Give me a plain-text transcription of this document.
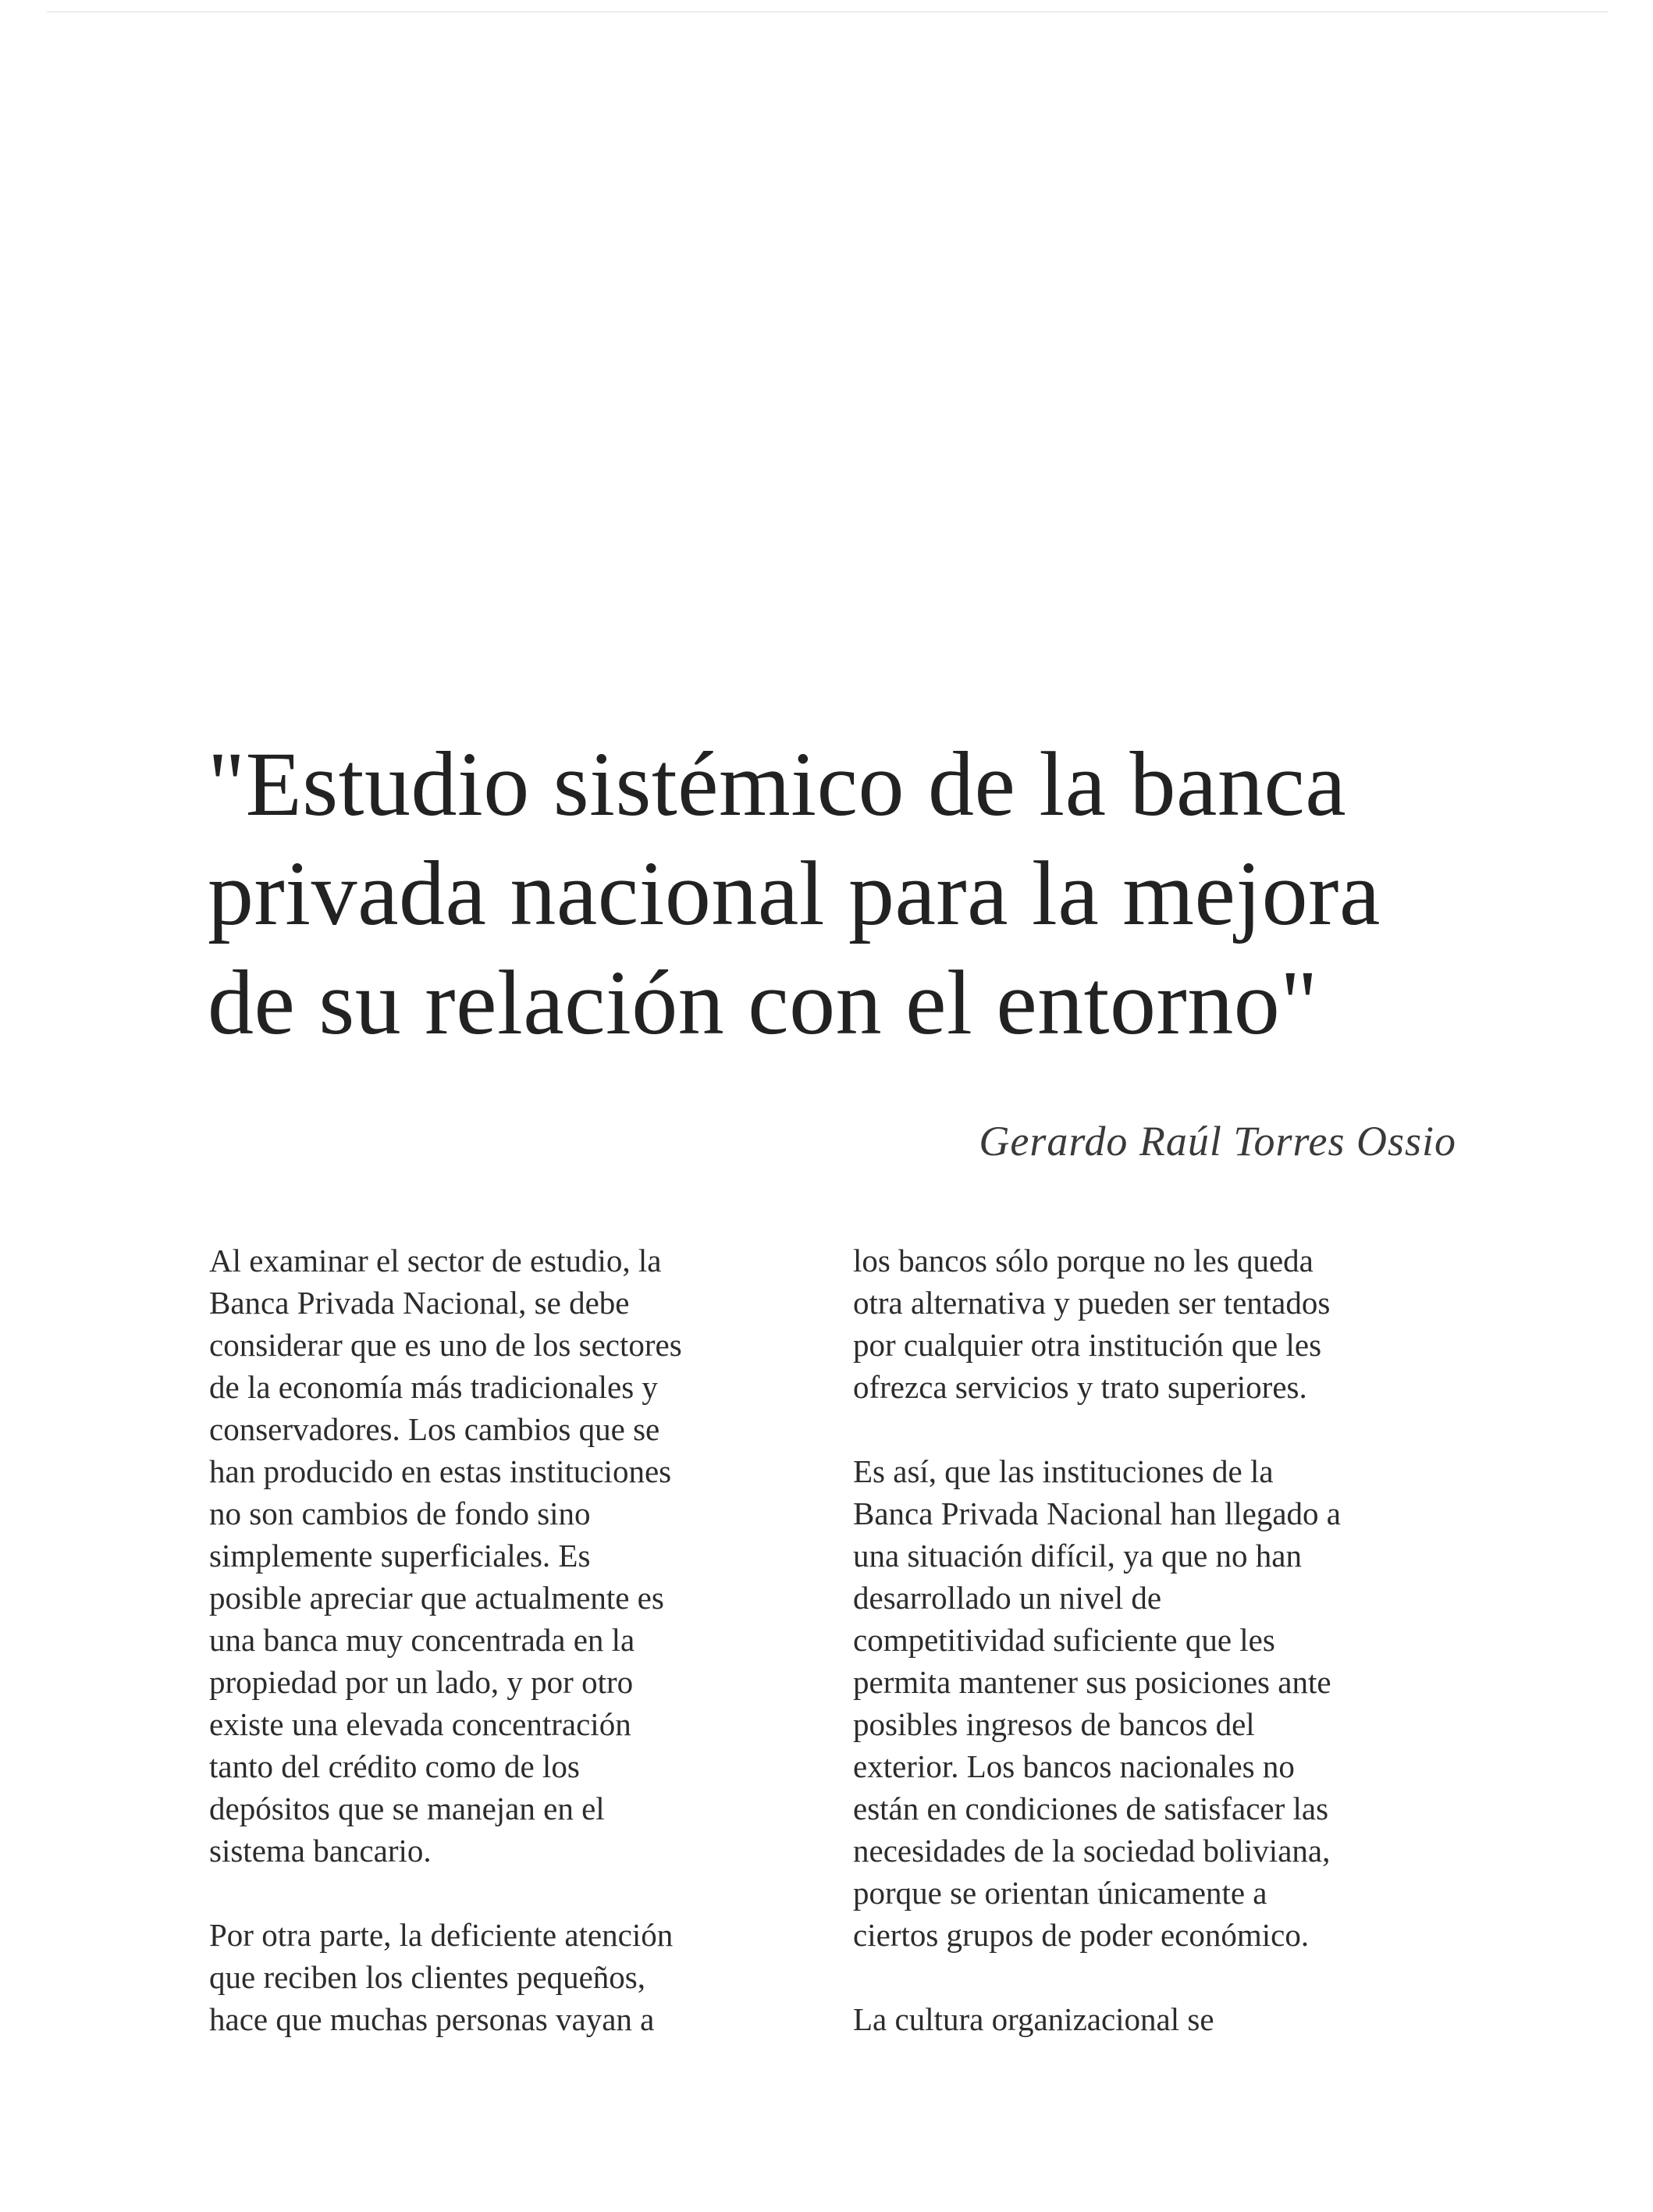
"Estudio sistémico de la banca
privada nacional para la mejora
de su relación con el entorno"

Gerardo Raúl Torres Ossio

Al examinar el sector de estudio, la
Banca Privada Nacional, se debe
considerar que es uno de los sectores
de la economía más tradicionales y
conservadores. Los cambios que se
han producido en estas instituciones
no son cambios de fondo sino
simplemente superficiales. Es
posible apreciar que actualmente es
una banca muy concentrada en la
propiedad por un lado, y por otro
existe una elevada concentración
tanto del crédito como de los
depósitos que se manejan en el
sistema bancario.

Por otra parte, la deficiente atención
que reciben los clientes pequeños,
hace que muchas personas vayan a

los bancos sólo porque no les queda
otra alternativa y pueden ser tentados
por cualquier otra institución que les
ofrezca servicios y trato superiores.

Es así, que las instituciones de la
Banca Privada Nacional han llegado a
una situación difícil, ya que no han
desarrollado un nivel de
competitividad suficiente que les
permita mantener sus posiciones ante
posibles ingresos de bancos del
exterior. Los bancos nacionales no
están en condiciones de satisfacer las
necesidades de la sociedad boliviana,
porque se orientan únicamente a
ciertos grupos de poder económico.

La cultura organizacional se
